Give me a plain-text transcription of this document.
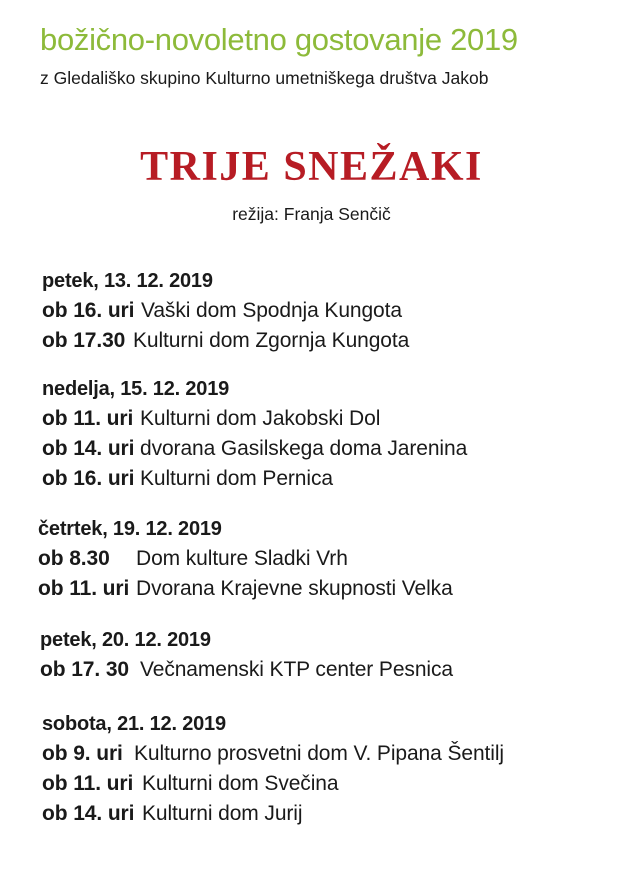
božično-novoletno gostovanje 2019
z Gledališko skupino Kulturno umetniškega društva Jakob
TRIJE SNEŽAKI
režija: Franja Senčič
petek, 13. 12. 2019
ob 16. uri Vaški dom Spodnja Kungota
ob 17.30 Kulturni dom Zgornja Kungota
nedelja, 15. 12. 2019
ob 11. uri Kulturni dom Jakobski Dol
ob 14. uri dvorana Gasilskega doma Jarenina
ob 16. uri Kulturni dom Pernica
četrtek, 19. 12. 2019
ob 8.30 Dom kulture Sladki Vrh
ob 11. uri Dvorana Krajevne skupnosti Velka
petek, 20. 12. 2019
ob 17. 30 Večnamenski KTP center Pesnica
sobota, 21. 12. 2019
ob 9. uri Kulturno prosvetni dom V. Pipana Šentilj
ob 11. uri Kulturni dom Svečina
ob 14. uri Kulturni dom Jurij
